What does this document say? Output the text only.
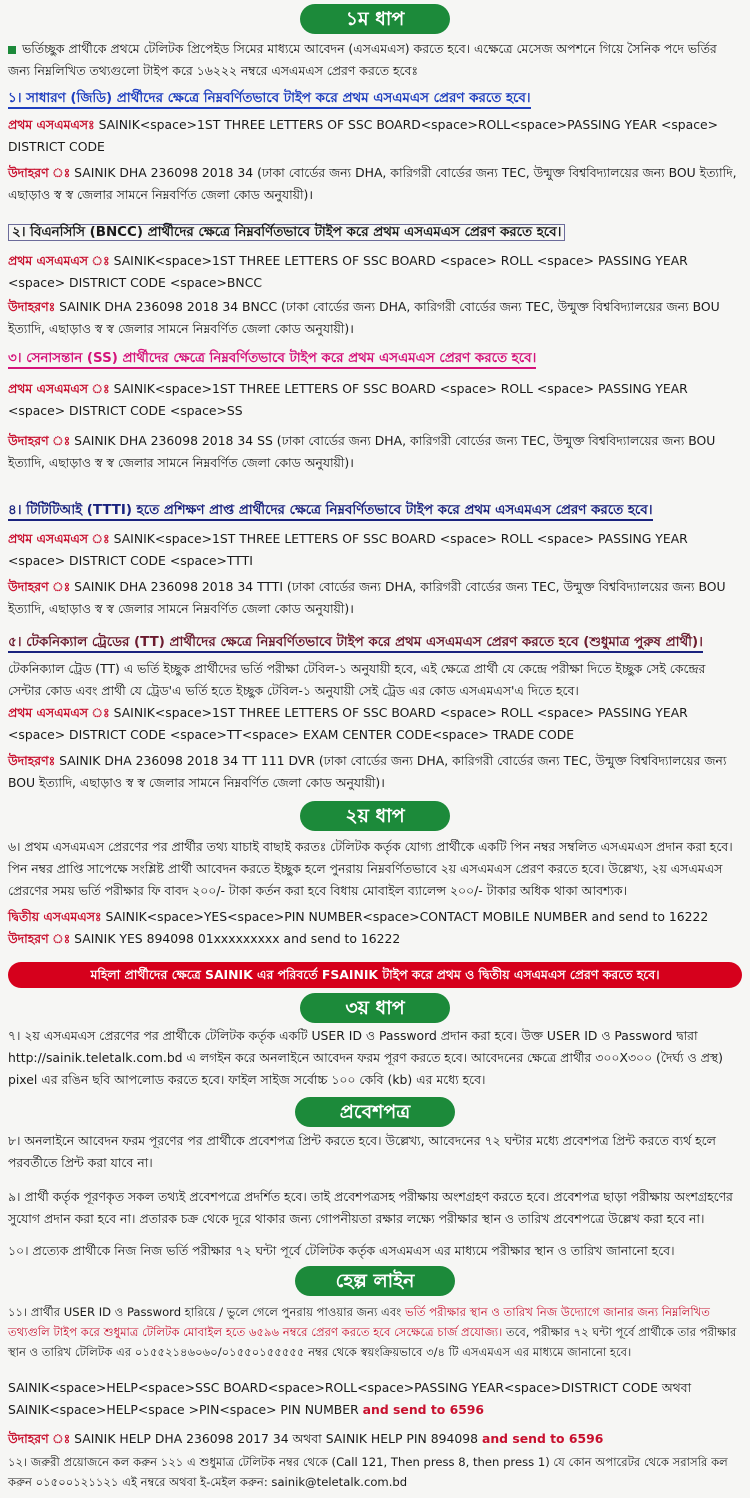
১ম ধাপ
ভর্তিচ্ছুক প্রার্থীকে প্রথমে টেলিটক প্রিপেইড সিমের মাধ্যমে আবেদন (এসএমএস) করতে হবে। এক্ষেত্রে মেসেজ অপশনে গিয়ে সৈনিক পদে ভর্তির জন্য নিম্নলিখিত তথ্যগুলো টাইপ করে ১৬২২২ নম্বরে এসএমএস প্রেরণ করতে হবেঃ
১। সাধারণ (জিডি) প্রার্থীদের ক্ষেত্রে নিম্নবর্ণিতভাবে টাইপ করে প্রথম এসএমএস প্রেরণ করতে হবে।
প্রথম এসএমএসঃ SAINIK<space>1ST THREE LETTERS OF SSC BOARD<space>ROLL<space>PASSING YEAR <space> DISTRICT CODE
উদাহরণ ঃ SAINIK DHA 236098 2018 34 (ঢাকা বোর্ডের জন্য DHA, কারিগরী বোর্ডের জন্য TEC, উন্মুক্ত বিশ্ববিদ্যালয়ের জন্য BOU ইত্যাদি, এছাড়াও স্ব স্ব জেলার সামনে নিম্নবর্ণিত জেলা কোড অনুযায়ী)।
২। বিএনসিসি (BNCC) প্রার্থীদের ক্ষেত্রে নিম্নবর্ণিতভাবে টাইপ করে প্রথম এসএমএস প্রেরণ করতে হবে।
প্রথম এসএমএস ঃ SAINIK<space>1ST THREE LETTERS OF SSC BOARD <space> ROLL <space> PASSING YEAR <space> DISTRICT CODE <space>BNCC
উদাহরণঃ SAINIK DHA 236098 2018 34 BNCC (ঢাকা বোর্ডের জন্য DHA, কারিগরী বোর্ডের জন্য TEC, উন্মুক্ত বিশ্ববিদ্যালয়ের জন্য BOU ইত্যাদি, এছাড়াও স্ব স্ব জেলার সামনে নিম্নবর্ণিত জেলা কোড অনুযায়ী)।
৩। সেনাসন্তান (SS) প্রার্থীদের ক্ষেত্রে নিম্নবর্ণিতভাবে টাইপ করে প্রথম এসএমএস প্রেরণ করতে হবে।
প্রথম এসএমএস ঃ SAINIK<space>1ST THREE LETTERS OF SSC BOARD <space> ROLL <space> PASSING YEAR <space> DISTRICT CODE <space>SS
উদাহরণ ঃ SAINIK DHA 236098 2018 34 SS (ঢাকা বোর্ডের জন্য DHA, কারিগরী বোর্ডের জন্য TEC, উন্মুক্ত বিশ্ববিদ্যালয়ের জন্য BOU ইত্যাদি, এছাড়াও স্ব স্ব জেলার সামনে নিম্নবর্ণিত জেলা কোড অনুযায়ী)।
৪। টিটিটিআই (TTTI) হতে প্রশিক্ষণ প্রাপ্ত প্রার্থীদের ক্ষেত্রে নিম্নবর্ণিতভাবে টাইপ করে প্রথম এসএমএস প্রেরণ করতে হবে।
প্রথম এসএমএস ঃ SAINIK<space>1ST THREE LETTERS OF SSC BOARD <space> ROLL <space> PASSING YEAR <space> DISTRICT CODE <space>TTTI
উদাহরণ ঃ SAINIK DHA 236098 2018 34 TTTI (ঢাকা বোর্ডের জন্য DHA, কারিগরী বোর্ডের জন্য TEC, উন্মুক্ত বিশ্ববিদ্যালয়ের জন্য BOU ইত্যাদি, এছাড়াও স্ব স্ব জেলার সামনে নিম্নবর্ণিত জেলা কোড অনুযায়ী)।
৫। টেকনিক্যাল ট্রেডের (TT) প্রার্থীদের ক্ষেত্রে নিম্নবর্ণিতভাবে টাইপ করে প্রথম এসএমএস প্রেরণ করতে হবে (শুধুমাত্র পুরুষ প্রার্থী)।
টেকনিক্যাল ট্রেড (TT) এ ভর্তি ইচ্ছুক প্রার্থীদের ভর্তি পরীক্ষা টেবিল-১ অনুযায়ী হবে, এই ক্ষেত্রে প্রার্থী যে কেন্দ্রে পরীক্ষা দিতে ইচ্ছুক সেই কেন্দ্রের সেন্টার কোড এবং প্রার্থী যে ট্রেড'এ ভর্তি হতে ইচ্ছুক টেবিল-১ অনুযায়ী সেই ট্রেড এর কোড এসএমএস'এ দিতে হবে।
প্রথম এসএমএস ঃ SAINIK<space>1ST THREE LETTERS OF SSC BOARD <space> ROLL <space> PASSING YEAR <space> DISTRICT CODE <space>TT<space> EXAM CENTER CODE<space> TRADE CODE
উদাহরণঃ SAINIK DHA 236098 2018 34 TT 111 DVR (ঢাকা বোর্ডের জন্য DHA, কারিগরী বোর্ডের জন্য TEC, উন্মুক্ত বিশ্ববিদ্যালয়ের জন্য BOU ইত্যাদি, এছাড়াও স্ব স্ব জেলার সামনে নিম্নবর্ণিত জেলা কোড অনুযায়ী)।
২য় ধাপ
৬। প্রথম এসএমএস প্রেরণের পর প্রার্থীর তথ্য যাচাই বাছাই করতঃ টেলিটক কর্তৃক যোগ্য প্রার্থীকে একটি পিন নম্বর সম্বলিত এসএমএস প্রদান করা হবে। পিন নম্বর প্রাপ্তি সাপেক্ষে সংশ্লিষ্ট প্রার্থী আবেদন করতে ইচ্ছুক হলে পুনরায় নিম্নবর্ণিতভাবে ২য় এসএমএস প্রেরণ করতে হবে। উল্লেখ্য, ২য় এসএমএস প্রেরণের সময় ভর্তি পরীক্ষার ফি বাবদ ২০০/- টাকা কর্তন করা হবে বিধায় মোবাইল ব্যালেন্স ২০০/- টাকার অধিক থাকা আবশ্যক।
দ্বিতীয় এসএমএসঃ SAINIK<space>YES<space>PIN NUMBER<space>CONTACT MOBILE NUMBER and send to 16222
উদাহরণ ঃ SAINIK YES 894098 01xxxxxxxxx and send to 16222
মহিলা প্রার্থীদের ক্ষেত্রে SAINIK এর পরিবর্তে FSAINIK টাইপ করে প্রথম ও দ্বিতীয় এসএমএস প্রেরণ করতে হবে।
৩য় ধাপ
৭। ২য় এসএমএস প্রেরণের পর প্রার্থীকে টেলিটক কর্তৃক একটি USER ID ও Password প্রদান করা হবে। উক্ত USER ID ও Password দ্বারা http://sainik.teletalk.com.bd এ লগইন করে অনলাইনে আবেদন ফরম পূরণ করতে হবে। আবেদনের ক্ষেত্রে প্রার্থীর ৩০০X৩০০ (দৈর্ঘ্য ও প্রস্থ) pixel এর রঙিন ছবি আপলোড করতে হবে। ফাইল সাইজ সর্বোচ্চ ১০০ কেবি (kb) এর মধ্যে হবে।
প্রবেশপত্র
৮। অনলাইনে আবেদন ফরম পূরণের পর প্রার্থীকে প্রবেশপত্র প্রিন্ট করতে হবে। উল্লেখ্য, আবেদনের ৭২ ঘন্টার মধ্যে প্রবেশপত্র প্রিন্ট করতে ব্যর্থ হলে পরবর্তীতে প্রিন্ট করা যাবে না।
৯। প্রার্থী কর্তৃক পূরণকৃত সকল তথ্যই প্রবেশপত্রে প্রদর্শিত হবে। তাই প্রবেশপত্রসহ পরীক্ষায় অংশগ্রহণ করতে হবে। প্রবেশপত্র ছাড়া পরীক্ষায় অংশগ্রহণের সুযোগ প্রদান করা হবে না। প্রতারক চক্র থেকে দূরে থাকার জন্য গোপনীয়তা রক্ষার লক্ষ্যে পরীক্ষার স্থান ও তারিখ প্রবেশপত্রে উল্লেখ করা হবে না।
১০। প্রত্যেক প্রার্থীকে নিজ নিজ ভর্তি পরীক্ষার ৭২ ঘন্টা পূর্বে টেলিটক কর্তৃক এসএমএস এর মাধ্যমে পরীক্ষার স্থান ও তারিখ জানানো হবে।
হেল্প লাইন
১১। প্রার্থীর USER ID ও Password হারিয়ে / ভুলে গেলে পুনরায় পাওয়ার জন্য এবং ভর্তি পরীক্ষার স্থান ও তারিখ নিজ উদ্যোগে জানার জন্য নিম্নলিখিত তথ্যগুলি টাইপ করে শুধুমাত্র টেলিটক মোবাইল হতে ৬৫৯৬ নম্বরে প্রেরণ করতে হবে সেক্ষেত্রে চার্জ প্রযোজ্য। তবে, পরীক্ষার ৭২ ঘন্টা পূর্বে প্রার্থীকে তার পরীক্ষার স্থান ও তারিখ টেলিটক এর ০১৫৫২১৪৬০৬০/০১৫৫০১৫৫৫৫৫ নম্বর থেকে স্বয়ংক্রিয়ভাবে ৩/৪ টি এসএমএস এর মাধ্যমে জানানো হবে।
SAINIK<space>HELP<space>SSC BOARD<space>ROLL<space>PASSING YEAR<space>DISTRICT CODE অথবা
SAINIK<space>HELP<space >PIN<space> PIN NUMBER and send to 6596
উদাহরণ ঃ SAINIK HELP DHA 236098 2017 34 অথবা SAINIK HELP PIN 894098 and send to 6596
১২। জরুরী প্রয়োজনে কল করুন ১২১ এ শুধুমাত্র টেলিটক নম্বর থেকে (Call 121, Then press 8, then press 1) যে কোন অপারেটর থেকে সরাসরি কল করুন ০১৫০০১২১১২১ এই নম্বরে অথবা ই-মেইল করুন: sainik@teletalk.com.bd
